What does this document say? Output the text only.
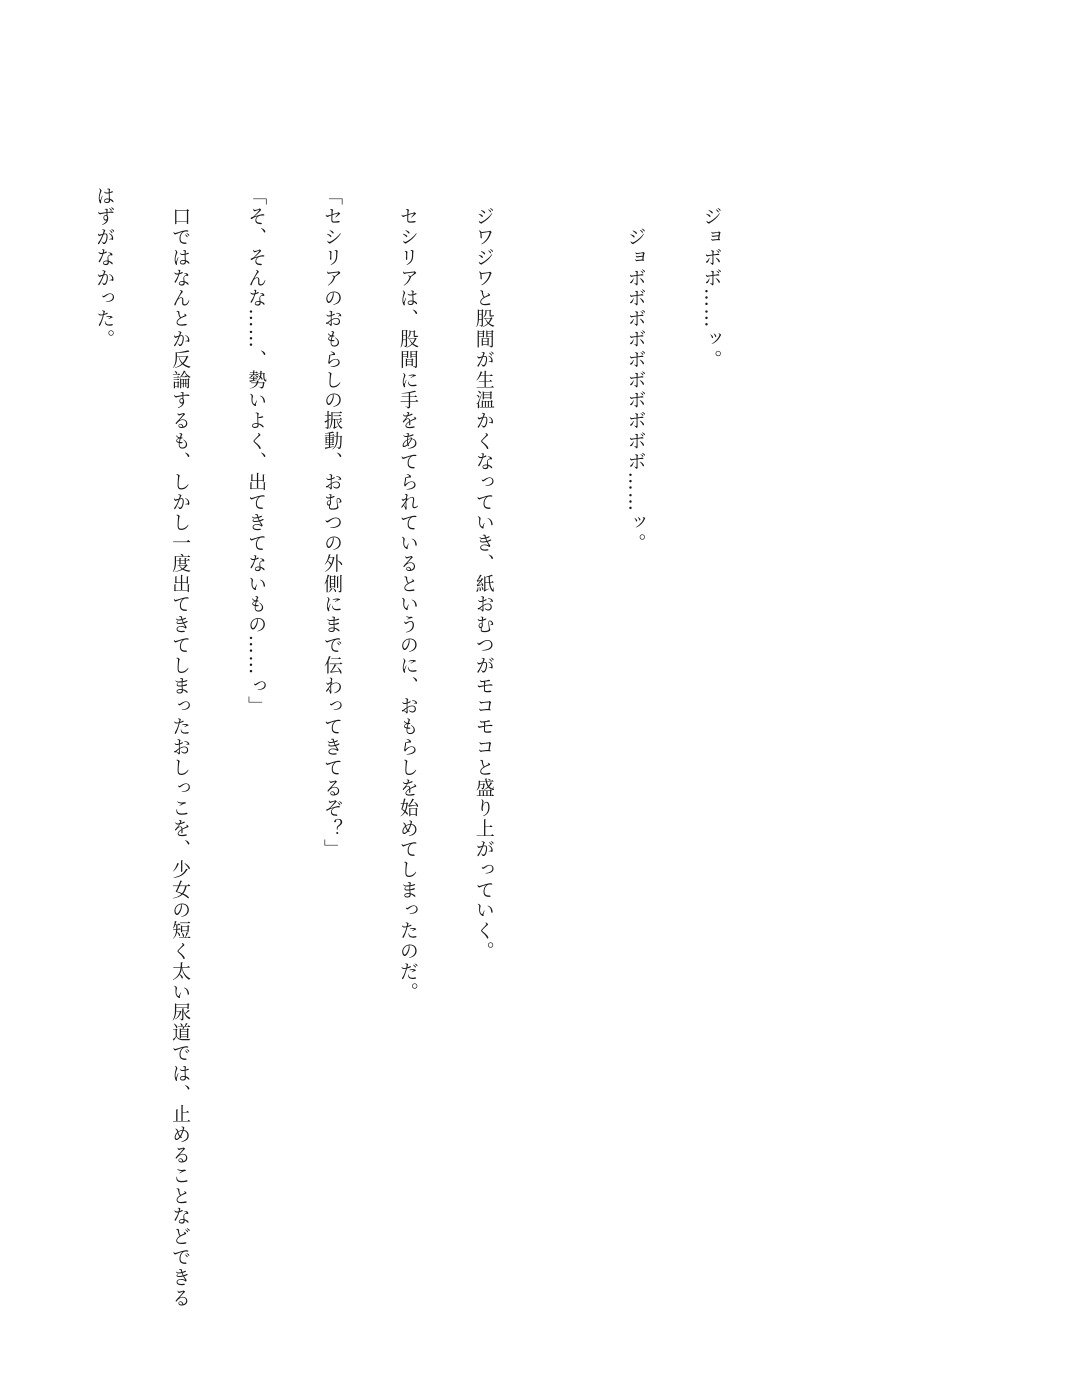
　ジョボボ……ッ。

　　ジョボボボボボボボボボボ……ッ。

　ジワジワと股間が生温かくなっていき、紙おむつがモコモコと盛り上がっていく。

　セシリアは、股間に手をあてられているというのに、おもらしを始めてしまったのだ。

「セシリアのおもらしの振動、おむつの外側にまで伝わってきてるぞ？」

「そ、そんな……、勢いよく、出てきてないもの……っ」

　口ではなんとか反論するも、しかし一度出てきてしまったおしっこを、少女の短く太い尿道では、止めることなどできる

はずがなかった。
